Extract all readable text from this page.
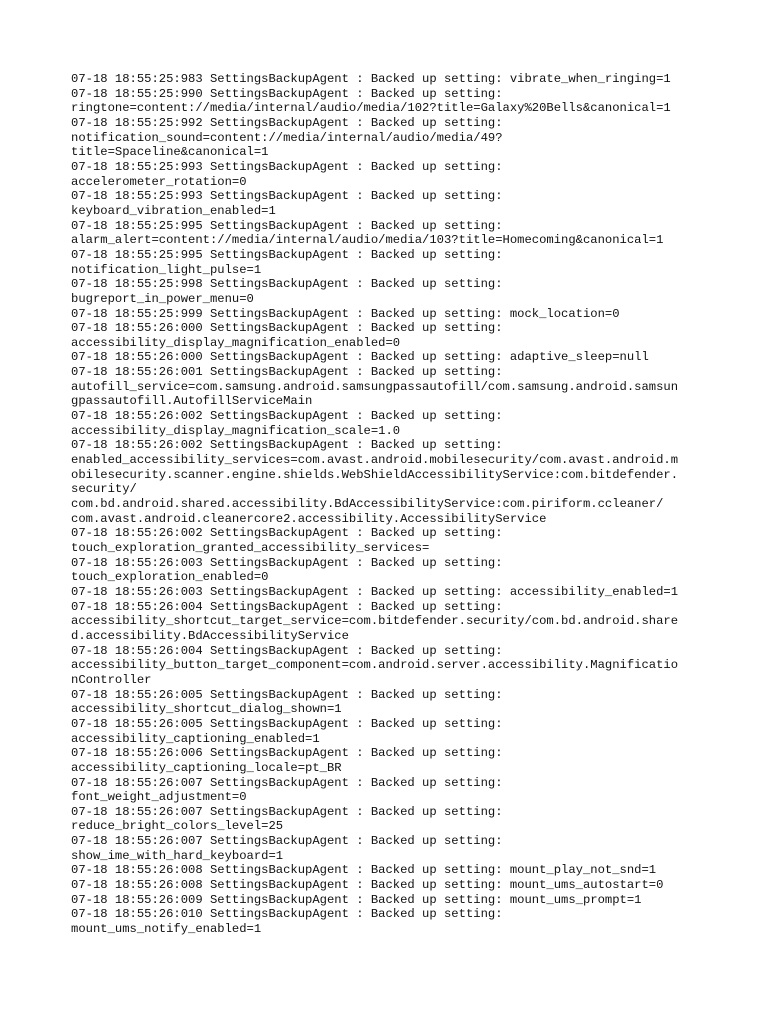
07-18 18:55:25:983 SettingsBackupAgent : Backed up setting: vibrate_when_ringing=1

07-18 18:55:25:990 SettingsBackupAgent : Backed up setting:

ringtone=content://media/internal/audio/media/102?title=Galaxy%20Bells&canonical=1

07-18 18:55:25:992 SettingsBackupAgent : Backed up setting:

notification_sound=content://media/internal/audio/media/49?

title=Spaceline&canonical=1

07-18 18:55:25:993 SettingsBackupAgent : Backed up setting:

accelerometer_rotation=0

07-18 18:55:25:993 SettingsBackupAgent : Backed up setting:

keyboard_vibration_enabled=1

07-18 18:55:25:995 SettingsBackupAgent : Backed up setting:

alarm_alert=content://media/internal/audio/media/103?title=Homecoming&canonical=1

07-18 18:55:25:995 SettingsBackupAgent : Backed up setting:

notification_light_pulse=1

07-18 18:55:25:998 SettingsBackupAgent : Backed up setting:

bugreport_in_power_menu=0

07-18 18:55:25:999 SettingsBackupAgent : Backed up setting: mock_location=0

07-18 18:55:26:000 SettingsBackupAgent : Backed up setting:

accessibility_display_magnification_enabled=0

07-18 18:55:26:000 SettingsBackupAgent : Backed up setting: adaptive_sleep=null

07-18 18:55:26:001 SettingsBackupAgent : Backed up setting:

autofill_service=com.samsung.android.samsungpassautofill/com.samsung.android.samsun

gpassautofill.AutofillServiceMain

07-18 18:55:26:002 SettingsBackupAgent : Backed up setting:

accessibility_display_magnification_scale=1.0

07-18 18:55:26:002 SettingsBackupAgent : Backed up setting:

enabled_accessibility_services=com.avast.android.mobilesecurity/com.avast.android.m

obilesecurity.scanner.engine.shields.WebShieldAccessibilityService:com.bitdefender.

security/

com.bd.android.shared.accessibility.BdAccessibilityService:com.piriform.ccleaner/

com.avast.android.cleanercore2.accessibility.AccessibilityService

07-18 18:55:26:002 SettingsBackupAgent : Backed up setting:

touch_exploration_granted_accessibility_services=

07-18 18:55:26:003 SettingsBackupAgent : Backed up setting:

touch_exploration_enabled=0

07-18 18:55:26:003 SettingsBackupAgent : Backed up setting: accessibility_enabled=1

07-18 18:55:26:004 SettingsBackupAgent : Backed up setting:

accessibility_shortcut_target_service=com.bitdefender.security/com.bd.android.share

d.accessibility.BdAccessibilityService

07-18 18:55:26:004 SettingsBackupAgent : Backed up setting:

accessibility_button_target_component=com.android.server.accessibility.Magnificatio

nController

07-18 18:55:26:005 SettingsBackupAgent : Backed up setting:

accessibility_shortcut_dialog_shown=1

07-18 18:55:26:005 SettingsBackupAgent : Backed up setting:

accessibility_captioning_enabled=1

07-18 18:55:26:006 SettingsBackupAgent : Backed up setting:

accessibility_captioning_locale=pt_BR

07-18 18:55:26:007 SettingsBackupAgent : Backed up setting:

font_weight_adjustment=0

07-18 18:55:26:007 SettingsBackupAgent : Backed up setting:

reduce_bright_colors_level=25

07-18 18:55:26:007 SettingsBackupAgent : Backed up setting:

show_ime_with_hard_keyboard=1

07-18 18:55:26:008 SettingsBackupAgent : Backed up setting: mount_play_not_snd=1

07-18 18:55:26:008 SettingsBackupAgent : Backed up setting: mount_ums_autostart=0

07-18 18:55:26:009 SettingsBackupAgent : Backed up setting: mount_ums_prompt=1

07-18 18:55:26:010 SettingsBackupAgent : Backed up setting:

mount_ums_notify_enabled=1
